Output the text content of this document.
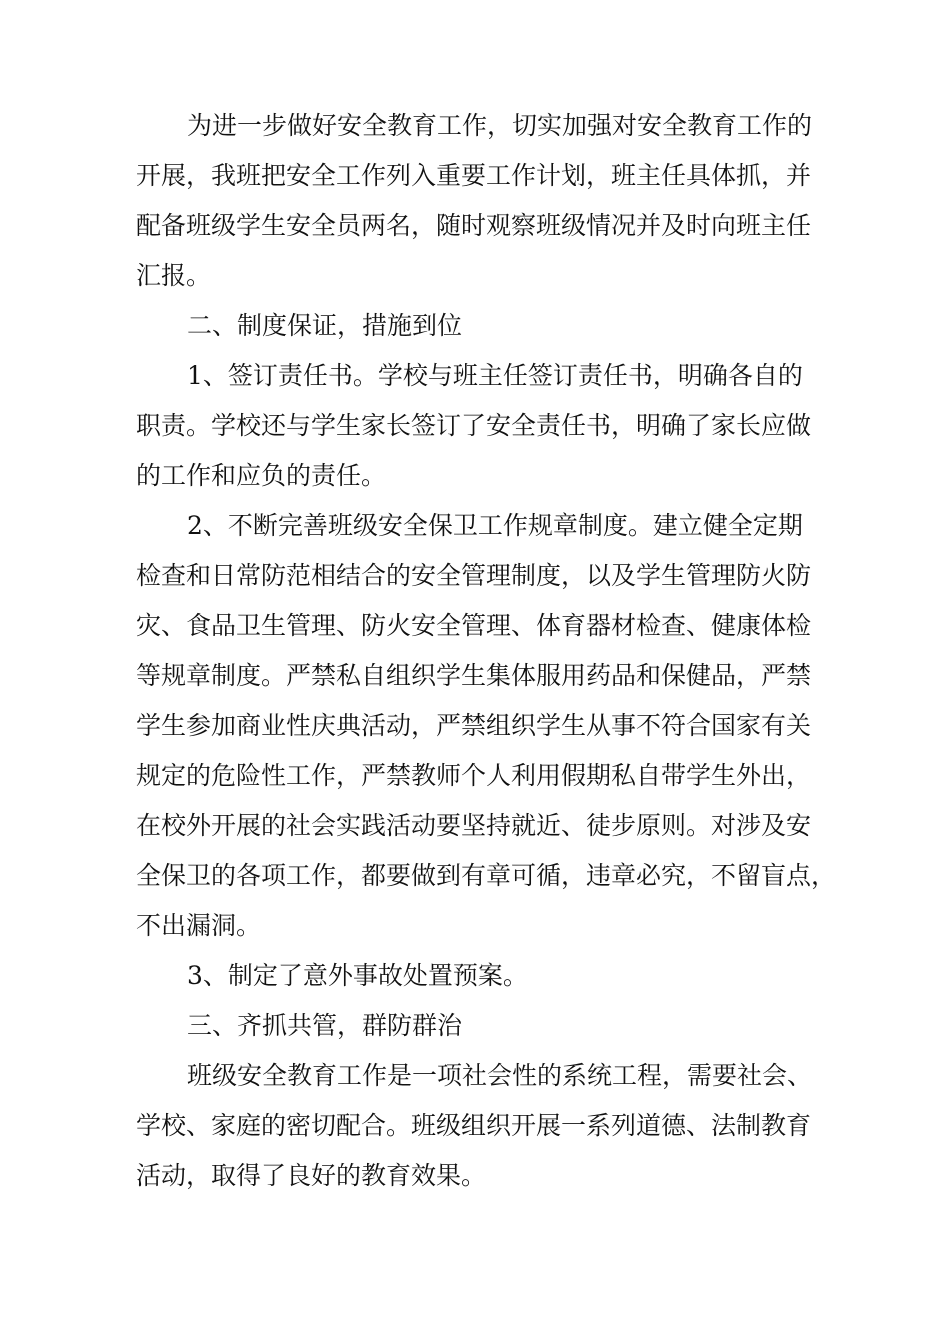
为进一步做好安全教育工作，切实加强对安全教育工作的

开展，我班把安全工作列入重要工作计划，班主任具体抓，并

配备班级学生安全员两名，随时观察班级情况并及时向班主任

汇报。

二、制度保证，措施到位

1、签订责任书。学校与班主任签订责任书，明确各自的

职责。学校还与学生家长签订了安全责任书，明确了家长应做

的工作和应负的责任。

2、不断完善班级安全保卫工作规章制度。建立健全定期

检查和日常防范相结合的安全管理制度，以及学生管理防火防

灾、食品卫生管理、防火安全管理、体育器材检查、健康体检

等规章制度。严禁私自组织学生集体服用药品和保健品，严禁

学生参加商业性庆典活动，严禁组织学生从事不符合国家有关

规定的危险性工作，严禁教师个人利用假期私自带学生外出，

在校外开展的社会实践活动要坚持就近、徒步原则。对涉及安

全保卫的各项工作，都要做到有章可循，违章必究，不留盲点，

不出漏洞。

3、制定了意外事故处置预案。

三、齐抓共管，群防群治

班级安全教育工作是一项社会性的系统工程，需要社会、

学校、家庭的密切配合。班级组织开展一系列道德、法制教育

活动，取得了良好的教育效果。
